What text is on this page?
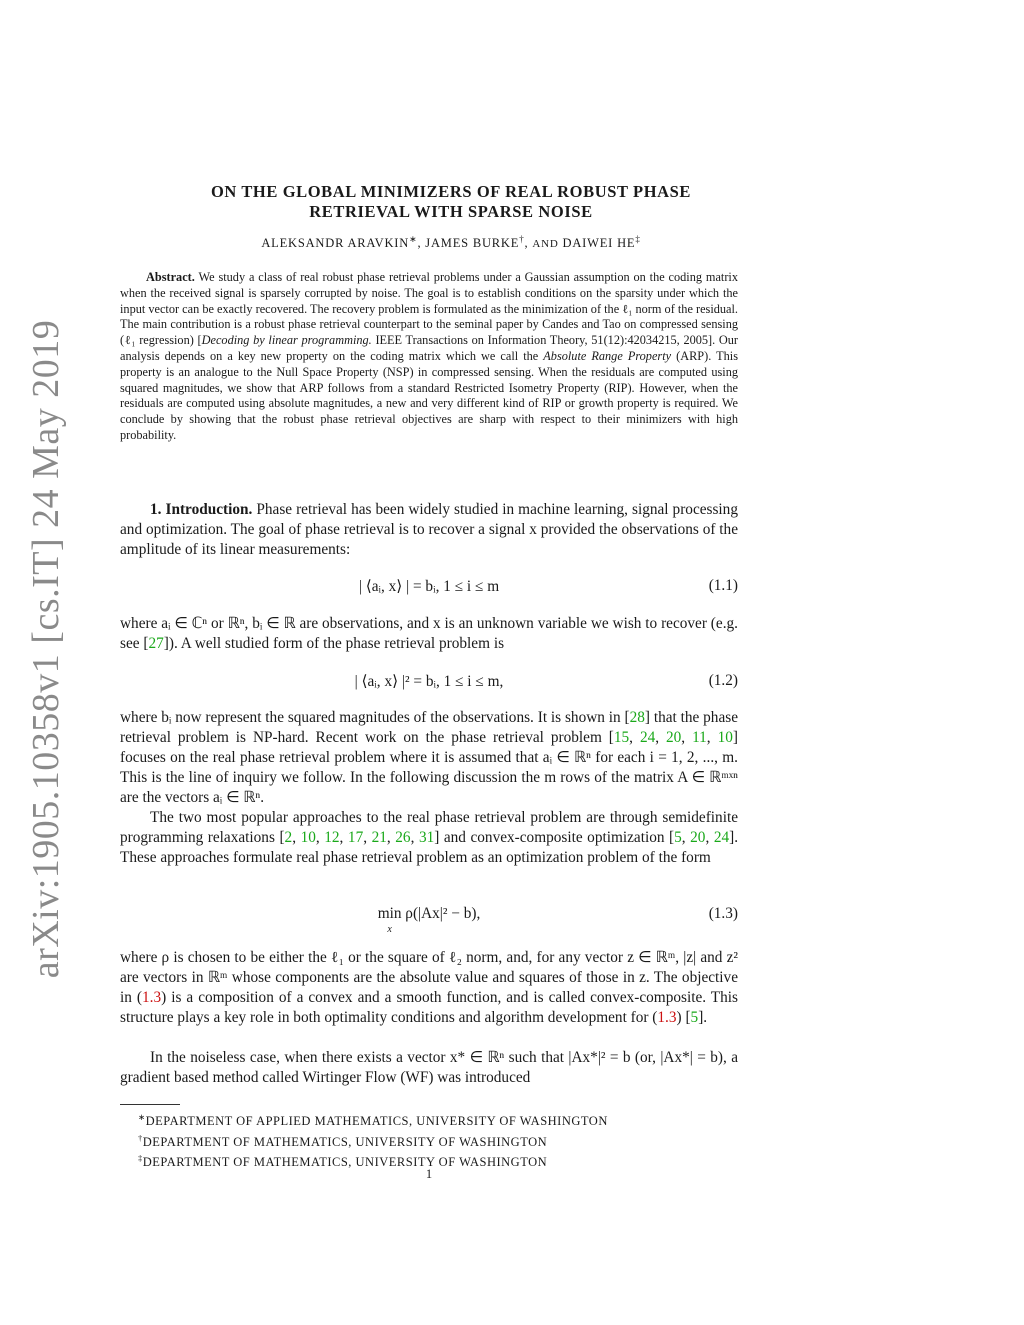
arXiv:1905.10358v1 [cs.IT] 24 May 2019
ON THE GLOBAL MINIMIZERS OF REAL ROBUST PHASE
RETRIEVAL WITH SPARSE NOISE
ALEKSANDR ARAVKIN∗, JAMES BURKE†, AND DAIWEI HE‡
Abstract. We study a class of real robust phase retrieval problems under a Gaussian assumption on the coding matrix when the received signal is sparsely corrupted by noise. The goal is to establish conditions on the sparsity under which the input vector can be exactly recovered. The recovery problem is formulated as the minimization of the ℓ₁ norm of the residual. The main contribution is a robust phase retrieval counterpart to the seminal paper by Candes and Tao on compressed sensing (ℓ₁ regression) [Decoding by linear programming. IEEE Transactions on Information Theory, 51(12):42034215, 2005]. Our analysis depends on a key new property on the coding matrix which we call the Absolute Range Property (ARP). This property is an analogue to the Null Space Property (NSP) in compressed sensing. When the residuals are computed using squared magnitudes, we show that ARP follows from a standard Restricted Isometry Property (RIP). However, when the residuals are computed using absolute magnitudes, a new and very different kind of RIP or growth property is required. We conclude by showing that the robust phase retrieval objectives are sharp with respect to their minimizers with high probability.
1. Introduction. Phase retrieval has been widely studied in machine learning, signal processing and optimization. The goal of phase retrieval is to recover a signal x provided the observations of the amplitude of its linear measurements:
| ⟨aᵢ, x⟩ | = bᵢ, 1 ≤ i ≤ m	(1.1)
where aᵢ ∈ ℂⁿ or ℝⁿ, bᵢ ∈ ℝ are observations, and x is an unknown variable we wish to recover (e.g. see [27]). A well studied form of the phase retrieval problem is
| ⟨aᵢ, x⟩ |² = bᵢ, 1 ≤ i ≤ m,	(1.2)
where bᵢ now represent the squared magnitudes of the observations. It is shown in [28] that the phase retrieval problem is NP-hard. Recent work on the phase retrieval problem [15, 24, 20, 11, 10] focuses on the real phase retrieval problem where it is assumed that aᵢ ∈ ℝⁿ for each i = 1, 2, ..., m. This is the line of inquiry we follow. In the following discussion the m rows of the matrix A ∈ ℝᵐˣⁿ are the vectors aᵢ ∈ ℝⁿ.
The two most popular approaches to the real phase retrieval problem are through semidefinite programming relaxations [2, 10, 12, 17, 21, 26, 31] and convex-composite optimization [5, 20, 24]. These approaches formulate real phase retrieval problem as an optimization problem of the form
min
$^x$ ρ(|Ax|² − b),	(1.3)
where ρ is chosen to be either the ℓ₁ or the square of ℓ₂ norm, and, for any vector z ∈ ℝᵐ, |z| and z² are vectors in ℝᵐ whose components are the absolute value and squares of those in z. The objective in (1.3) is a composition of a convex and a smooth function, and is called convex-composite. This structure plays a key role in both optimality conditions and algorithm development for (1.3) [5].
In the noiseless case, when there exists a vector x* ∈ ℝⁿ such that |Ax*|² = b (or, |Ax*| = b), a gradient based method called Wirtinger Flow (WF) was introduced
∗DEPARTMENT OF APPLIED MATHEMATICS, UNIVERSITY OF WASHINGTON
†DEPARTMENT OF MATHEMATICS, UNIVERSITY OF WASHINGTON
‡DEPARTMENT OF MATHEMATICS, UNIVERSITY OF WASHINGTON
1
